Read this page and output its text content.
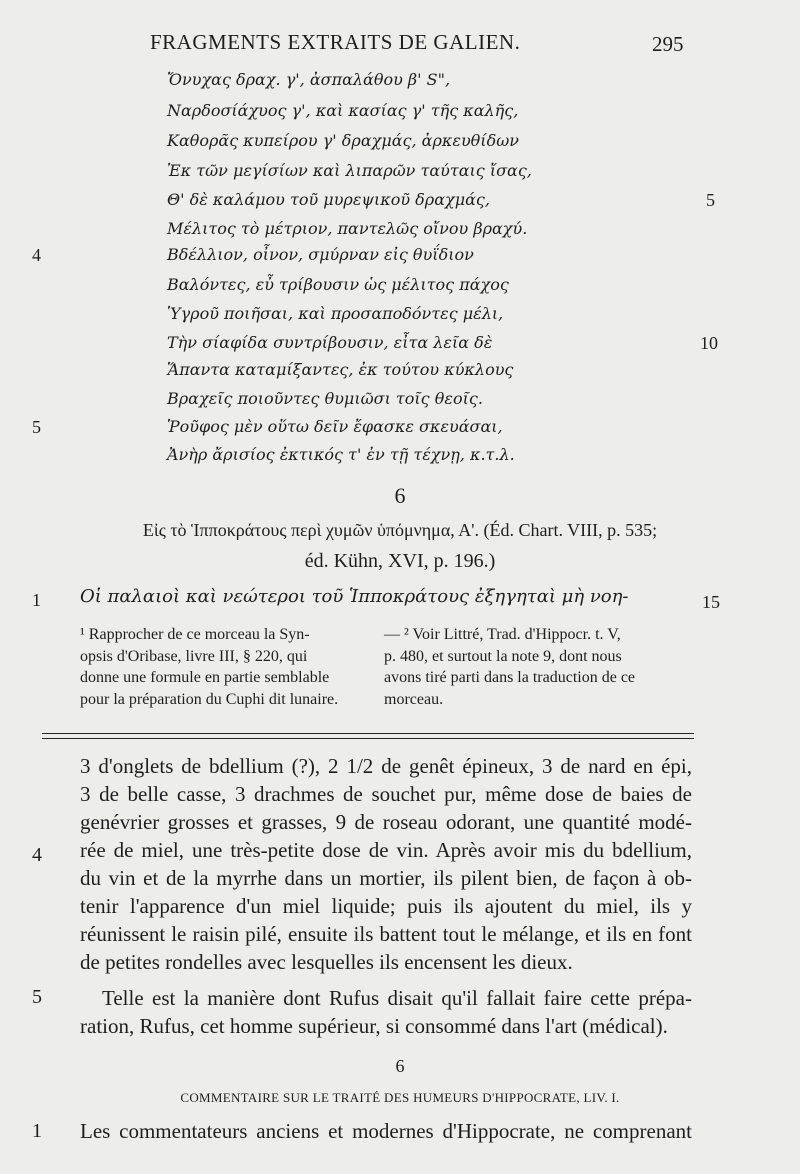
FRAGMENTS EXTRAITS DE GALIEN.	295
Ὄνυχας δραχ. γ', ἀσπαλάθου β' S",
Ναρδοσίάχυος γ', καὶ κασίας γ' τῆς καλῆς,
Καθορᾶς κυπείρου γ' δραχμάς, ἀρκευθίδων
Ἐκ τῶν μεγίσίων καὶ λιπαρῶν ταύταις ἴσας,
Θ' δὲ καλάμου τοῦ μυρεψικοῦ δραχμάς,	5
Μέλιτος τὸ μέτριον, παντελῶς οἴνου βραχύ.
4	Βδέλλιον, οἶνον, σμύρναν εἰς θυΐδιον
Βαλόντες, εὖ τρίβουσιν ὡς μέλιτος πάχος
Ὑγροῦ ποιῆσαι, καὶ προσαποδόντες μέλι,
Τὴν σίαφίδα συντρίβουσιν, εἶτα λεῖα δὲ	10
Ἅπαντα καταμίξαντες, ἐκ τούτου κύκλους
Βραχεῖς ποιοῦντες θυμιῶσι τοῖς θεοῖς.
5	Ῥοῦφος μὲν οὕτω δεῖν ἔφασκε σκευάσαι,
Ἀνὴρ ἄρισίος ἐκτικός τ' ἐν τῇ τέχνῃ, κ.τ.λ.
6
Εἰς τὸ Ἱπποκράτους περὶ χυμῶν ὑπόμνημα, Α'. (Éd. Chart. VIII, p. 535;
éd. Kühn, XVI, p. 196.)
1 Οἱ παλαιοὶ καὶ νεώτεροι τοῦ Ἱπποκράτους ἐξηγηταὶ μὴ νοη-	15
¹ Rapprocher de ce morceau la Syn-
opsis d'Oribase, livre III, § 220, qui
donne une formule en partie semblable
pour la préparation du Cuphi dit lunaire.
— ² Voir Littré, Trad. d'Hippocr. t. V,
p. 480, et surtout la note 9, dont nous
avons tiré parti dans la traduction de ce
morceau.
4
3 d'onglets de bdellium (?), 2 1/2 de genêt épineux, 3 de nard en épi,
3 de belle casse, 3 drachmes de souchet pur, même dose de baies de
genévrier grosses et grasses, 9 de roseau odorant, une quantité modé-
rée de miel, une très-petite dose de vin. Après avoir mis du bdellium,
du vin et de la myrrhe dans un mortier, ils pilent bien, de façon à ob-
tenir l'apparence d'un miel liquide; puis ils ajoutent du miel, ils y
réunissent le raisin pilé, ensuite ils battent tout le mélange, et ils en font
de petites rondelles avec lesquelles ils encensent les dieux.
5	Telle est la manière dont Rufus disait qu'il fallait faire cette prépa-
ration, Rufus, cet homme supérieur, si consommé dans l'art (médical).
6
COMMENTAIRE SUR LE TRAITÉ DES HUMEURS D'HIPPOCRATE, LIV. I.
1 Les commentateurs anciens et modernes d'Hippocrate, ne comprenant
